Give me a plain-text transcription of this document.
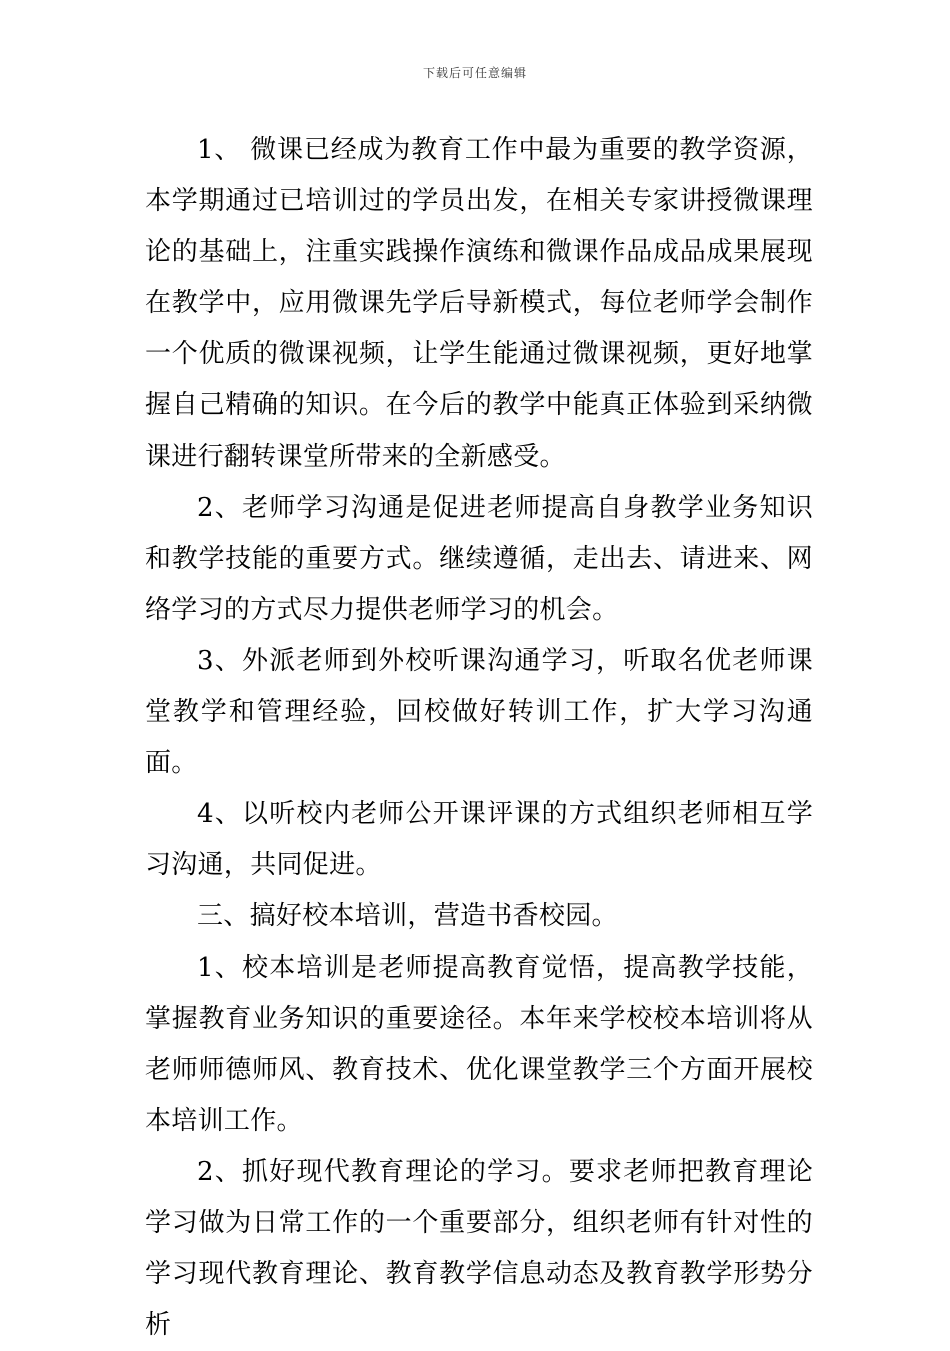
下载后可任意编辑

1、 微课已经成为教育工作中最为重要的教学资源，本学期通过已培训过的学员出发，在相关专家讲授微课理论的基础上，注重实践操作演练和微课作品成品成果展现在教学中，应用微课先学后导新模式，每位老师学会制作一个优质的微课视频，让学生能通过微课视频，更好地掌握自己精确的知识。在今后的教学中能真正体验到采纳微课进行翻转课堂所带来的全新感受。

2、老师学习沟通是促进老师提高自身教学业务知识和教学技能的重要方式。继续遵循，走出去、请进来、网络学习的方式尽力提供老师学习的机会。

3、外派老师到外校听课沟通学习，听取名优老师课堂教学和管理经验，回校做好转训工作，扩大学习沟通面。

4、以听校内老师公开课评课的方式组织老师相互学习沟通，共同促进。

三、搞好校本培训，营造书香校园。

1、校本培训是老师提高教育觉悟，提高教学技能，掌握教育业务知识的重要途径。本年来学校校本培训将从老师师德师风、教育技术、优化课堂教学三个方面开展校本培训工作。

2、抓好现代教育理论的学习。要求老师把教育理论学习做为日常工作的一个重要部分，组织老师有针对性的学习现代教育理论、教育教学信息动态及教育教学形势分析
